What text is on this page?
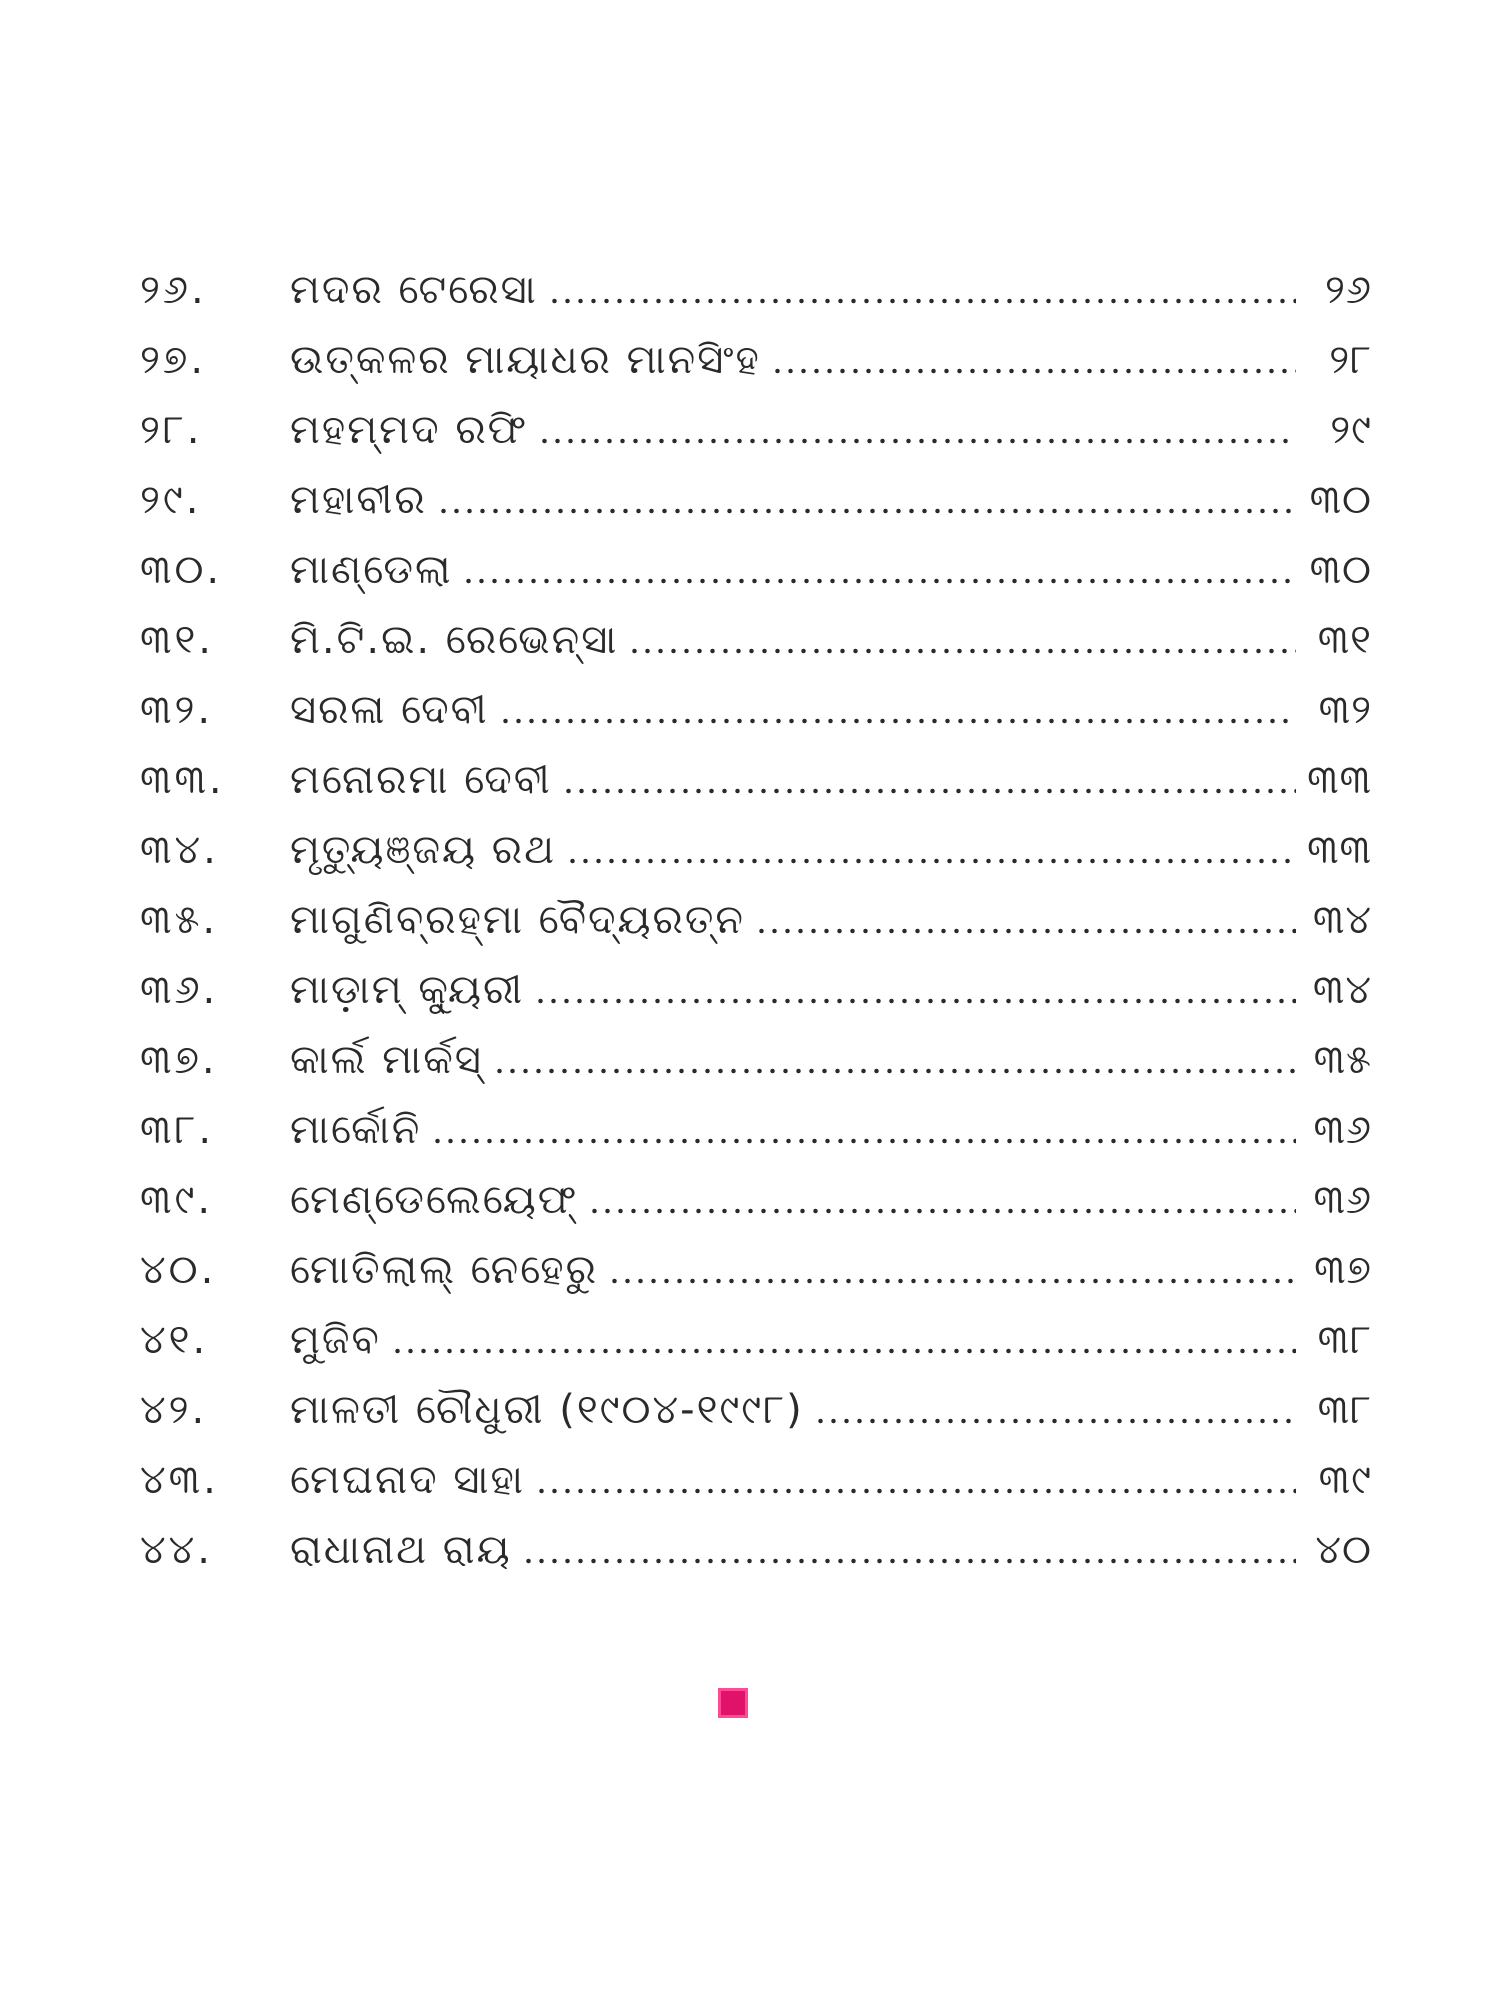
୨୬.	ମଦର ଟେରେସା	୨୬
୨୭.	ଉତ୍କଳର ମାୟାଧର ମାନସିଂହ	୨୮
୨୮.	ମହମ୍ମଦ ରଫି	୨୯
୨୯.	ମହାବୀର	୩୦
୩୦.	ମାଣ୍ଡେଲା	୩୦
୩୧.	ମି.ଟି.ଇ. ରେଭେନ୍‌ସା	୩୧
୩୨.	ସରଳା ଦେବୀ	୩୨
୩୩.	ମନୋରମା ଦେବୀ	୩୩
୩୪.	ମୃତ୍ୟୁଞ୍ଜୟ ରଥ	୩୩
୩୫.	ମାଗୁଣିବ୍ରହ୍ମା ବୈଦ୍ୟରତ୍ନ	୩୪
୩୬.	ମାଡ଼ାମ୍ କ୍ୟୁରୀ	୩୪
୩୭.	କାର୍ଲ ମାର୍କସ୍	୩୫
୩୮.	ମାର୍କୋନି	୩୬
୩୯.	ମେଣ୍ଡେଲେୟେଫ୍	୩୬
୪୦.	ମୋତିଲାଲ୍ ନେହେରୁ	୩୭
୪୧.	ମୁଜିବ	୩୮
୪୨.	ମାଳତୀ ଚୌଧୁରୀ (୧୯୦୪-୧୯୯୮)	୩୮
୪୩.	ମେଘନାଦ ସାହା	୩୯
୪୪.	ରାଧାନାଥ ରାୟ	୪୦
